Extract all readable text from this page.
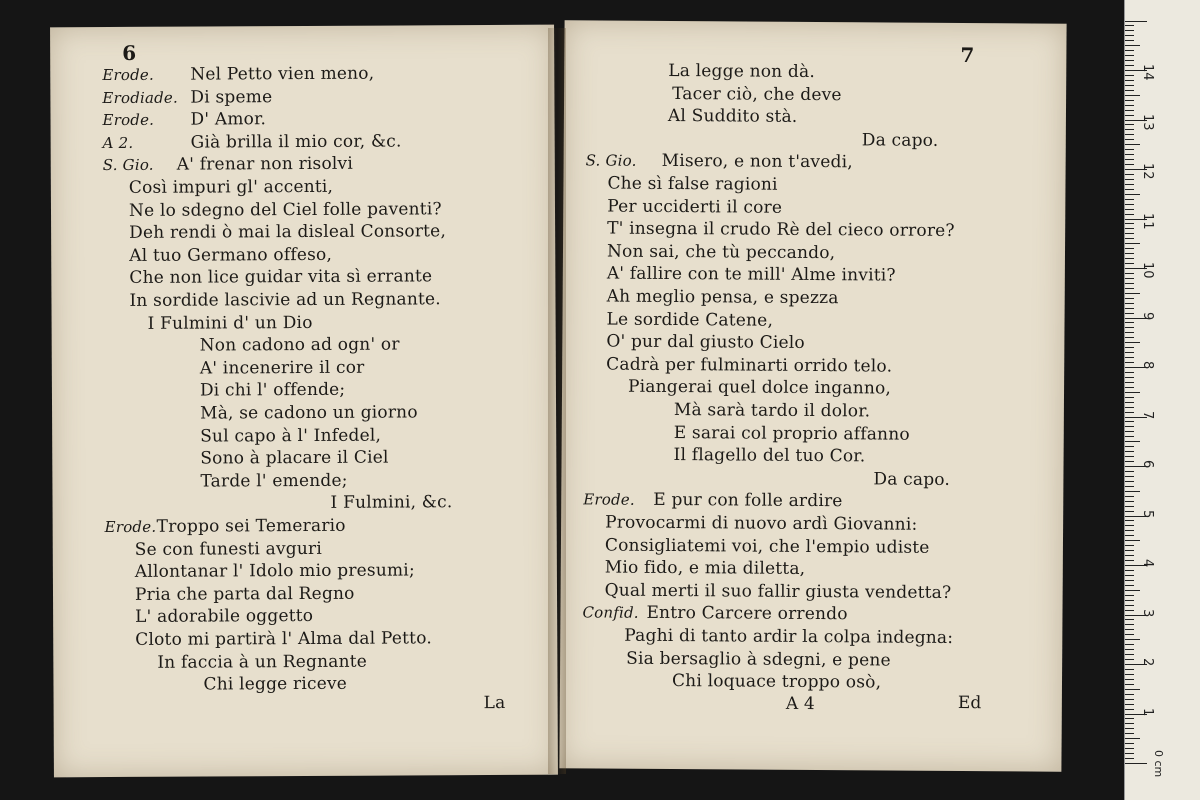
6
Erode. Nel Petto vien meno,
Erodiade. Di speme
Erode. D' Amor.
A 2.	Già brilla il mio cor, &c.
S. Gio. A' frenar non risolvi
Così impuri gl' accenti,
Ne lo sdegno del Ciel folle paventi?
Deh rendi ò mai la disleal Consorte,
Al tuo Germano offeso,
Che non lice guidar vita sì errante
In sordide lascivie ad un Regnante.
I Fulmini d' un Dio
Non cadono ad ogn' or
A' incenerire il cor
Di chi l' offende;
Mà, se cadono un giorno
Sul capo à l' Infedel,
Sono à placare il Ciel
Tarde l' emende;
I Fulmini, &c.
Erode. Troppo sei Temerario
Se con funesti avguri
Allontanar l' Idolo mio presumi;
Pria che parta dal Regno
L' adorabile oggetto
Cloto mi partirà l' Alma dal Petto.
In faccia à un Regnante
Chi legge riceve
La
7
La legge non dà.
Tacer ciò, che deve
Al Suddito stà.
Da capo.
S. Gio. Misero, e non t'avedi,
Che sì false ragioni
Per ucciderti il core
T' insegna il crudo Rè del cieco orrore?
Non sai, che tù peccando,
A' fallire con te mill' Alme inviti?
Ah meglio pensa, e spezza
Le sordide Catene,
O' pur dal giusto Cielo
Cadrà per fulminarti orrido telo.
Piangerai quel dolce inganno,
Mà sarà tardo il dolor.
E sarai col proprio affanno
Il flagello del tuo Cor.
Da capo.
Erode. E pur con folle ardire
Provocarmi di nuovo ardì Giovanni:
Consigliatemi voi, che l'empio udiste
Mio fido, e mia diletta,
Qual merti il suo fallir giusta vendetta?
Confid. Entro Carcere orrendo
Paghi di tanto ardir la colpa indegna:
Sia bersaglio à sdegni, e pene
Chi loquace troppo osò,
A 4	Ed
0 cm
1
2
3
4
5
6
7
8
9
10
11
12
13
14
